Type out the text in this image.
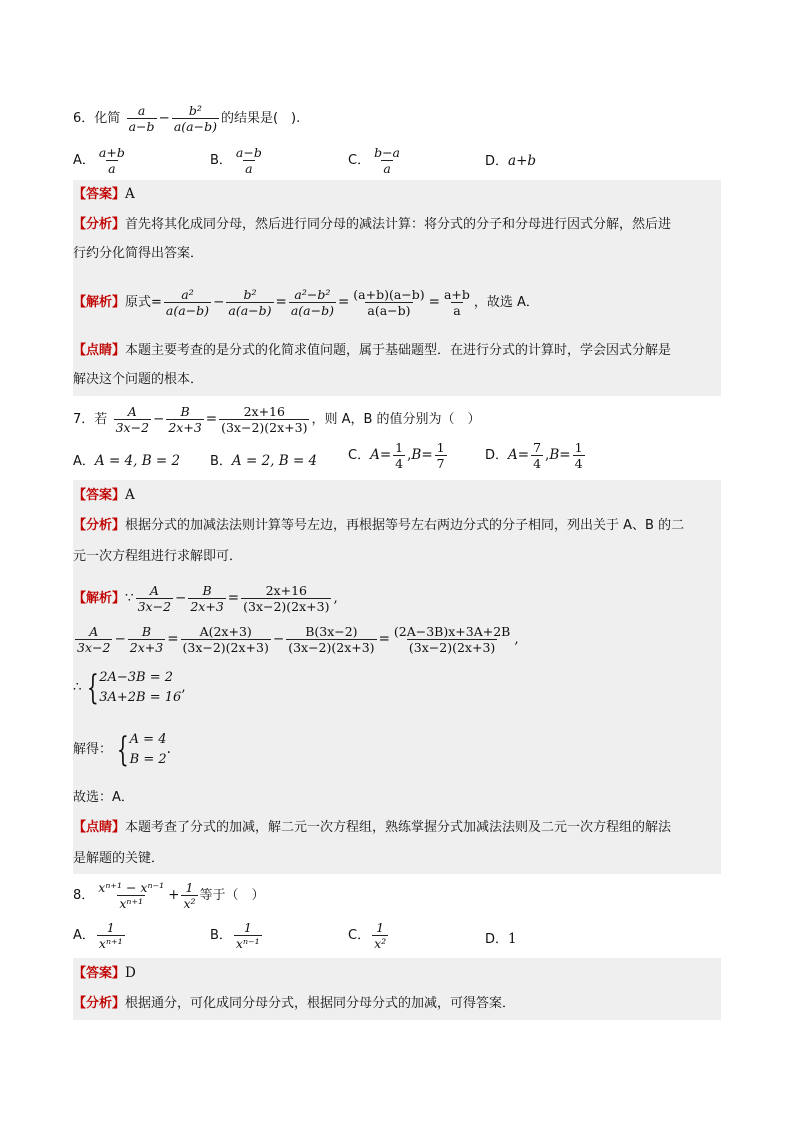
6．化简 $\frac{a}{a-b} - \frac{\text{b²}}{a(a-b)}$ 的结果是(　).
A． $\frac{a+b}{a}$	B． $\frac{a-b}{a}$	C． $\frac{b-a}{a}$	D．a+b
【答案】A
【分析】首先将其化成同分母，然后进行同分母的减法计算：将分式的分子和分母进行因式分解，然后进
行约分化简得出答案．
【解析】原式= $\frac{\text{a²}}{a(a-b)} - \frac{\text{b²}}{a(a-b)} = \frac{\text{a²−b²}}{a(a-b)} = \frac{(a+b)(a-b)}{a(a-b)} = \frac{a+b}{a}$ ，故选 A．
【点睛】本题主要考查的是分式的化简求值问题，属于基础题型．在进行分式的计算时，学会因式分解是
解决这个问题的根本．
7．若 $\frac{A}{3x-2} - \frac{B}{2x+3} = \frac{2x+16}{(3x-2)(2x+3)}$ ，则 A，B 的值分别为（　）
A．A = 4, B = 2 B．A = 2, B = 4 C．$A= \frac{1}{4} ,B= \frac{1}{7}$	D．$A= \frac{7}{4} ,B= \frac{1}{4}$
【答案】A
【分析】根据分式的加减法法则计算等号左边，再根据等号左右两边分式的分子相同，列出关于 A、B 的二
元一次方程组进行求解即可．
【解析】∵ $\frac{A}{3x-2} - \frac{B}{2x+3} = \frac{2x+16}{(3x-2)(2x+3)}$ ,
$\frac{A}{3x-2} - \frac{B}{2x+3} = \frac{A(2x+3)}{(3x-2)(2x+3)} - \frac{B(3x-2)}{(3x-2)(2x+3)} = \frac{(2A-3B)x+3A+2B}{(3x-2)(2x+3)}$ ,
∴ { 2A−3B = 2
3A+2B = 16
,
解得： { A = 4
B = 2
.
故选：A．
【点睛】本题考查了分式的加减，解二元一次方程组，熟练掌握分式加减法法则及二元一次方程组的解法
是解题的关键．
8． $\frac{\text{xⁿ⁺¹ − xⁿ⁻¹}}{\text{xⁿ⁺¹}} + \frac{1}{\text{x²}}$ 等于（　）
A． $\frac{1}{\text{xⁿ⁺¹}}$	B． $\frac{1}{\text{xⁿ⁻¹}}$	C． $\frac{1}{\text{x²}}$	D．1
【答案】D
【分析】根据通分，可化成同分母分式，根据同分母分式的加减，可得答案．
